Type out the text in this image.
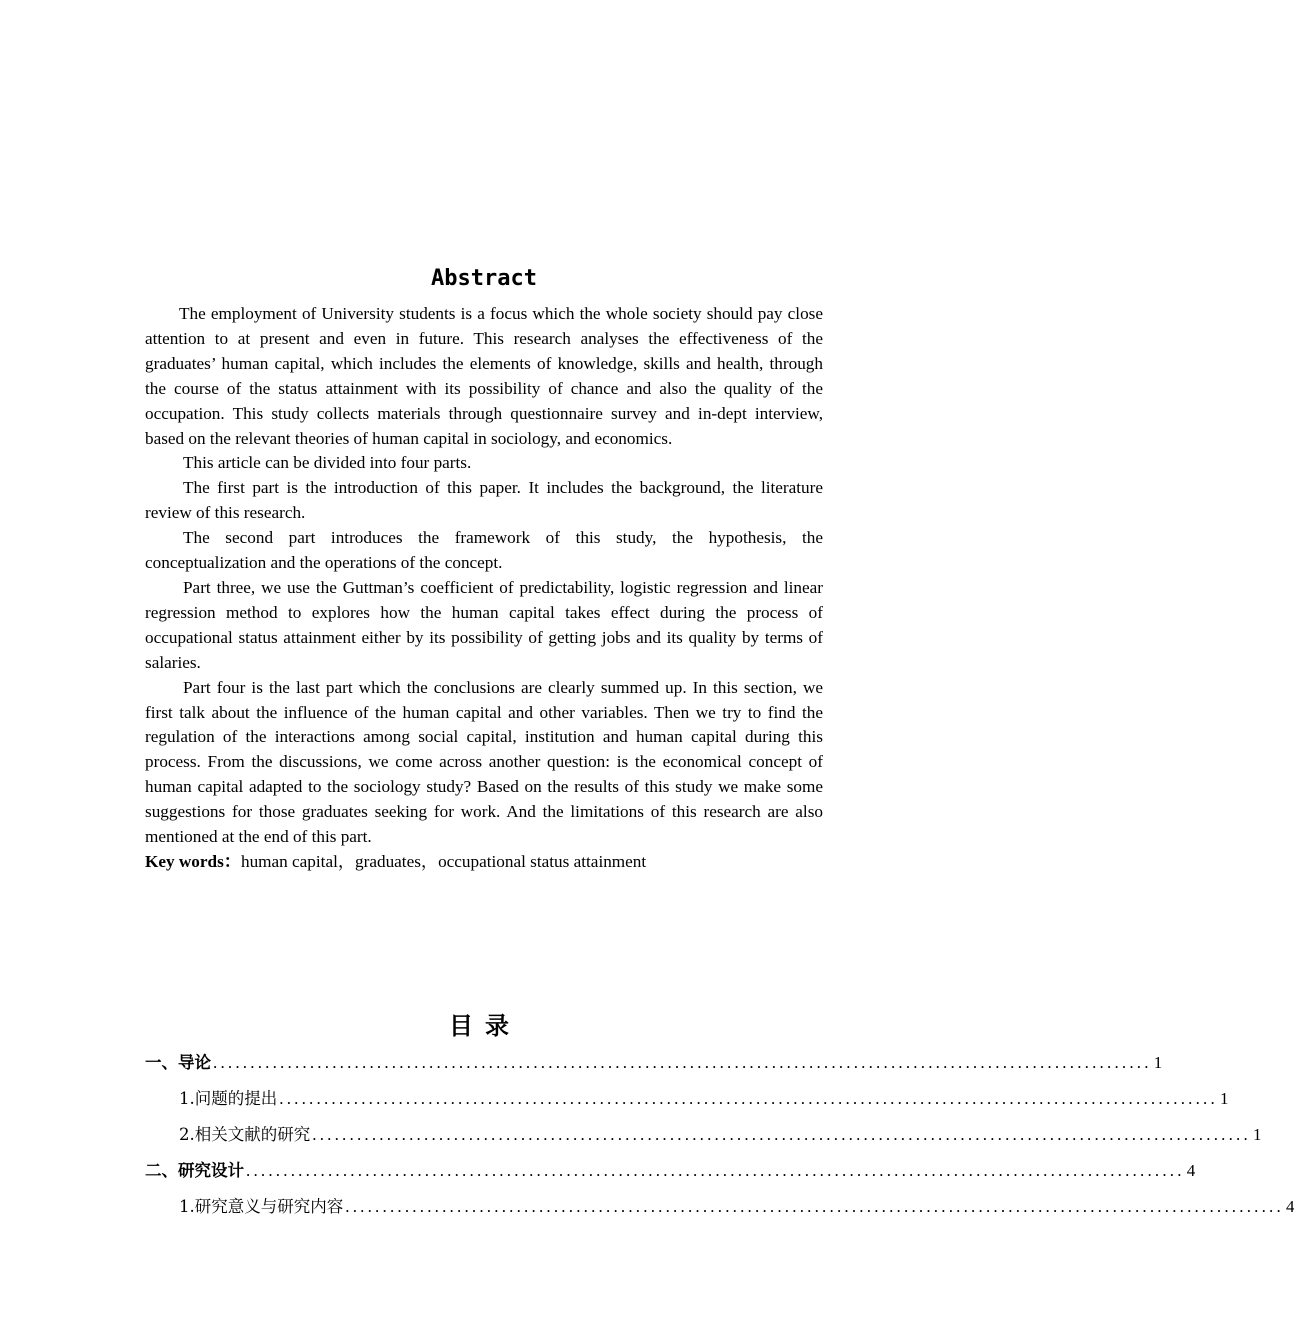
Abstract

The employment of University students is a focus which the whole society should pay close attention to at present and even in future. This research analyses the effectiveness of the graduates’ human capital, which includes the elements of knowledge, skills and health, through the course of the status attainment with its possibility of chance and also the quality of the occupation. This study collects materials through questionnaire survey and in-dept interview, based on the relevant theories of human capital in sociology, and economics.

This article can be divided into four parts.

The first part is the introduction of this paper. It includes the background, the literature review of this research.

The second part introduces the framework of this study, the hypothesis, the conceptualization and the operations of the concept.

Part three, we use the Guttman’s coefficient of predictability, logistic regression and linear regression method to explores how the human capital takes effect during the process of occupational status attainment either by its possibility of getting jobs and its quality by terms of salaries.

Part four is the last part which the conclusions are clearly summed up. In this section, we first talk about the influence of the human capital and other variables. Then we try to find the regulation of the interactions among social capital, institution and human capital during this process. From the discussions, we come across another question: is the economical concept of human capital adapted to the sociology study? Based on the results of this study we make some suggestions for those graduates seeking for work. And the limitations of this research are also mentioned at the end of this part.

Key words：human capital，graduates，occupational status attainment

目录
一、导论 .............................................................................................................................. 1
1.问题的提出 .............................................................................................................................. 1
2.相关文献的研究 .............................................................................................................................. 1
二、研究设计 .............................................................................................................................. 4
1.研究意义与研究内容 .............................................................................................................................. 4
